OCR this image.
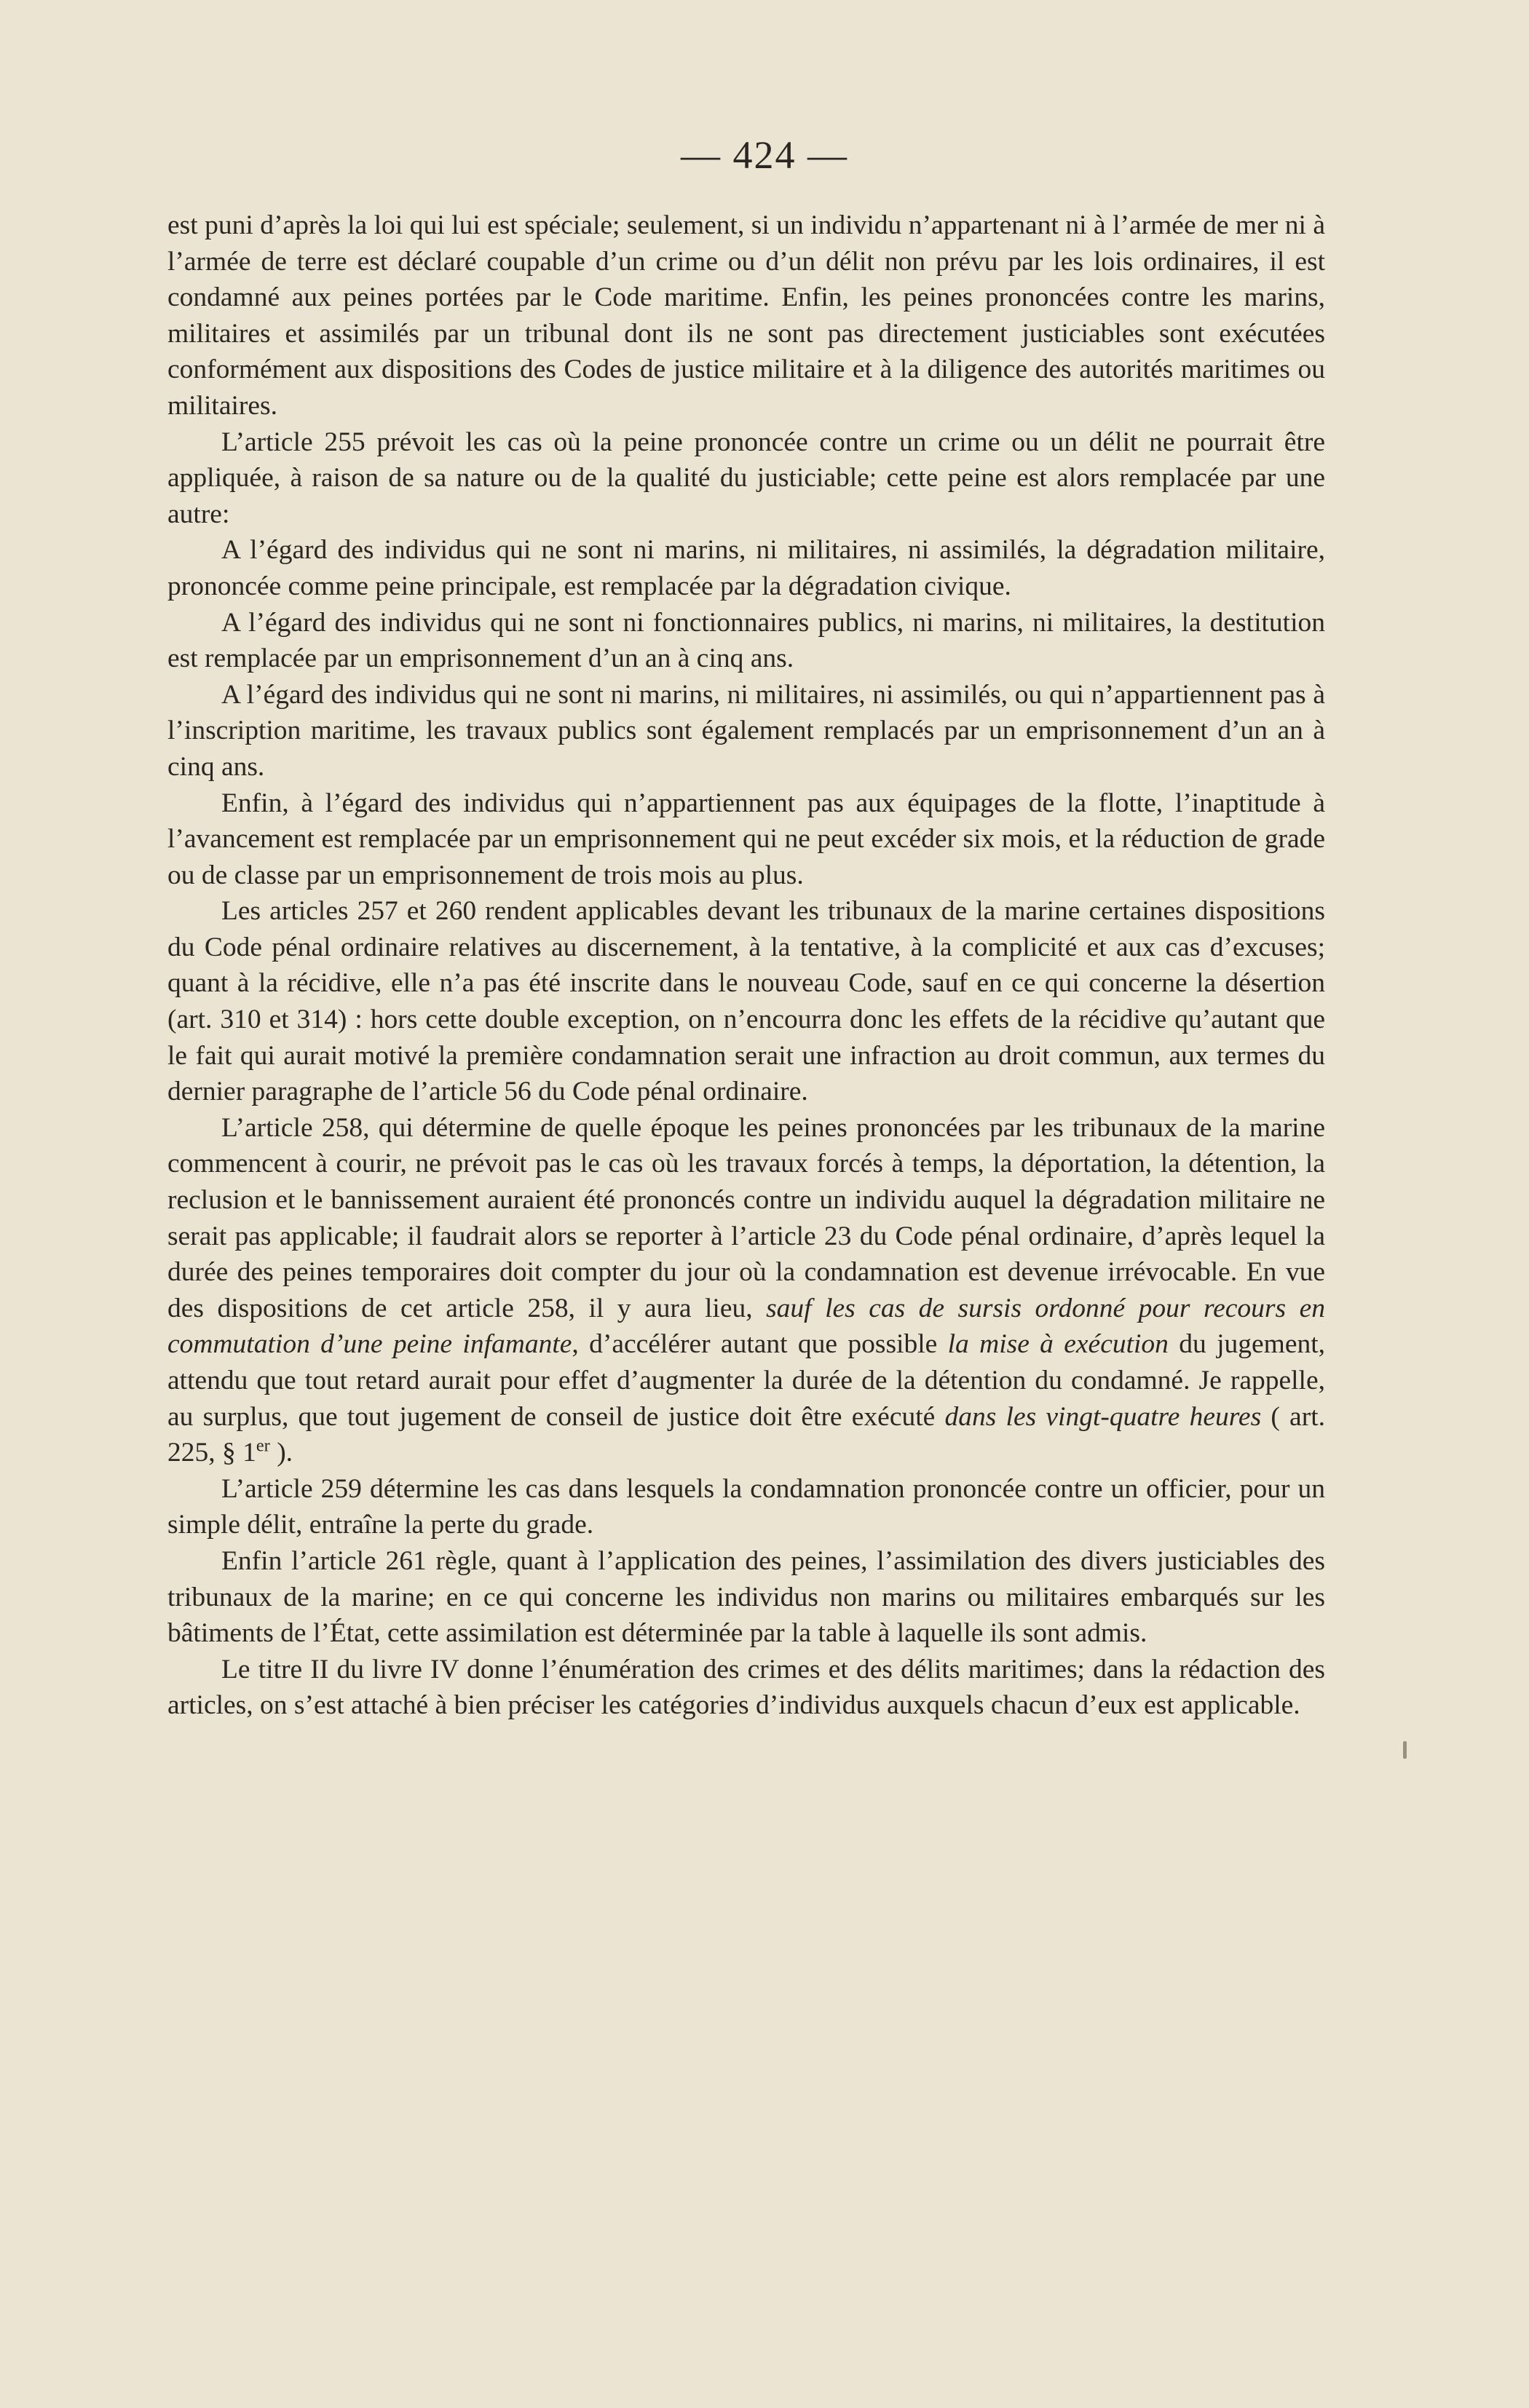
— 424 —

est puni d’après la loi qui lui est spéciale; seulement, si un individu n’appartenant ni à l’armée de mer ni à l’armée de terre est déclaré coupable d’un crime ou d’un délit non prévu par les lois ordinaires, il est condamné aux peines portées par le Code maritime. Enfin, les peines prononcées contre les marins, militaires et assimilés par un tribunal dont ils ne sont pas directement justiciables sont exécutées conformément aux dispositions des Codes de justice militaire et à la diligence des autorités maritimes ou militaires.

L’article 255 prévoit les cas où la peine prononcée contre un crime ou un délit ne pourrait être appliquée, à raison de sa nature ou de la qualité du justiciable; cette peine est alors remplacée par une autre:

A l’égard des individus qui ne sont ni marins, ni militaires, ni assimilés, la dégradation militaire, prononcée comme peine principale, est remplacée par la dégradation civique.

A l’égard des individus qui ne sont ni fonctionnaires publics, ni marins, ni militaires, la destitution est remplacée par un emprisonnement d’un an à cinq ans.

A l’égard des individus qui ne sont ni marins, ni militaires, ni assimilés, ou qui n’appartiennent pas à l’inscription maritime, les travaux publics sont également remplacés par un emprisonnement d’un an à cinq ans.

Enfin, à l’égard des individus qui n’appartiennent pas aux équipages de la flotte, l’inaptitude à l’avancement est remplacée par un emprisonnement qui ne peut excéder six mois, et la réduction de grade ou de classe par un emprisonnement de trois mois au plus.

Les articles 257 et 260 rendent applicables devant les tribunaux de la marine certaines dispositions du Code pénal ordinaire relatives au discernement, à la tentative, à la complicité et aux cas d’excuses; quant à la récidive, elle n’a pas été inscrite dans le nouveau Code, sauf en ce qui concerne la désertion (art. 310 et 314) : hors cette double exception, on n’encourra donc les effets de la récidive qu’autant que le fait qui aurait motivé la première condamnation serait une infraction au droit commun, aux termes du dernier paragraphe de l’article 56 du Code pénal ordinaire.

L’article 258, qui détermine de quelle époque les peines prononcées par les tribunaux de la marine commencent à courir, ne prévoit pas le cas où les travaux forcés à temps, la déportation, la détention, la reclusion et le bannissement auraient été prononcés contre un individu auquel la dégradation militaire ne serait pas applicable; il faudrait alors se reporter à l’article 23 du Code pénal ordinaire, d’après lequel la durée des peines temporaires doit compter du jour où la condamnation est devenue irrévocable. En vue des dispositions de cet article 258, il y aura lieu, sauf les cas de sursis ordonné pour recours en commutation d’une peine infamante, d’accélérer autant que possible la mise à exécution du jugement, attendu que tout retard aurait pour effet d’augmenter la durée de la détention du condamné. Je rappelle, au surplus, que tout jugement de conseil de justice doit être exécuté dans les vingt-quatre heures ( art. 225, § 1er ).

L’article 259 détermine les cas dans lesquels la condamnation prononcée contre un officier, pour un simple délit, entraîne la perte du grade.

Enfin l’article 261 règle, quant à l’application des peines, l’assimilation des divers justiciables des tribunaux de la marine; en ce qui concerne les individus non marins ou militaires embarqués sur les bâtiments de l’État, cette assimilation est déterminée par la table à laquelle ils sont admis.

Le titre II du livre IV donne l’énumération des crimes et des délits maritimes; dans la rédaction des articles, on s’est attaché à bien préciser les catégories d’individus auxquels chacun d’eux est applicable.
